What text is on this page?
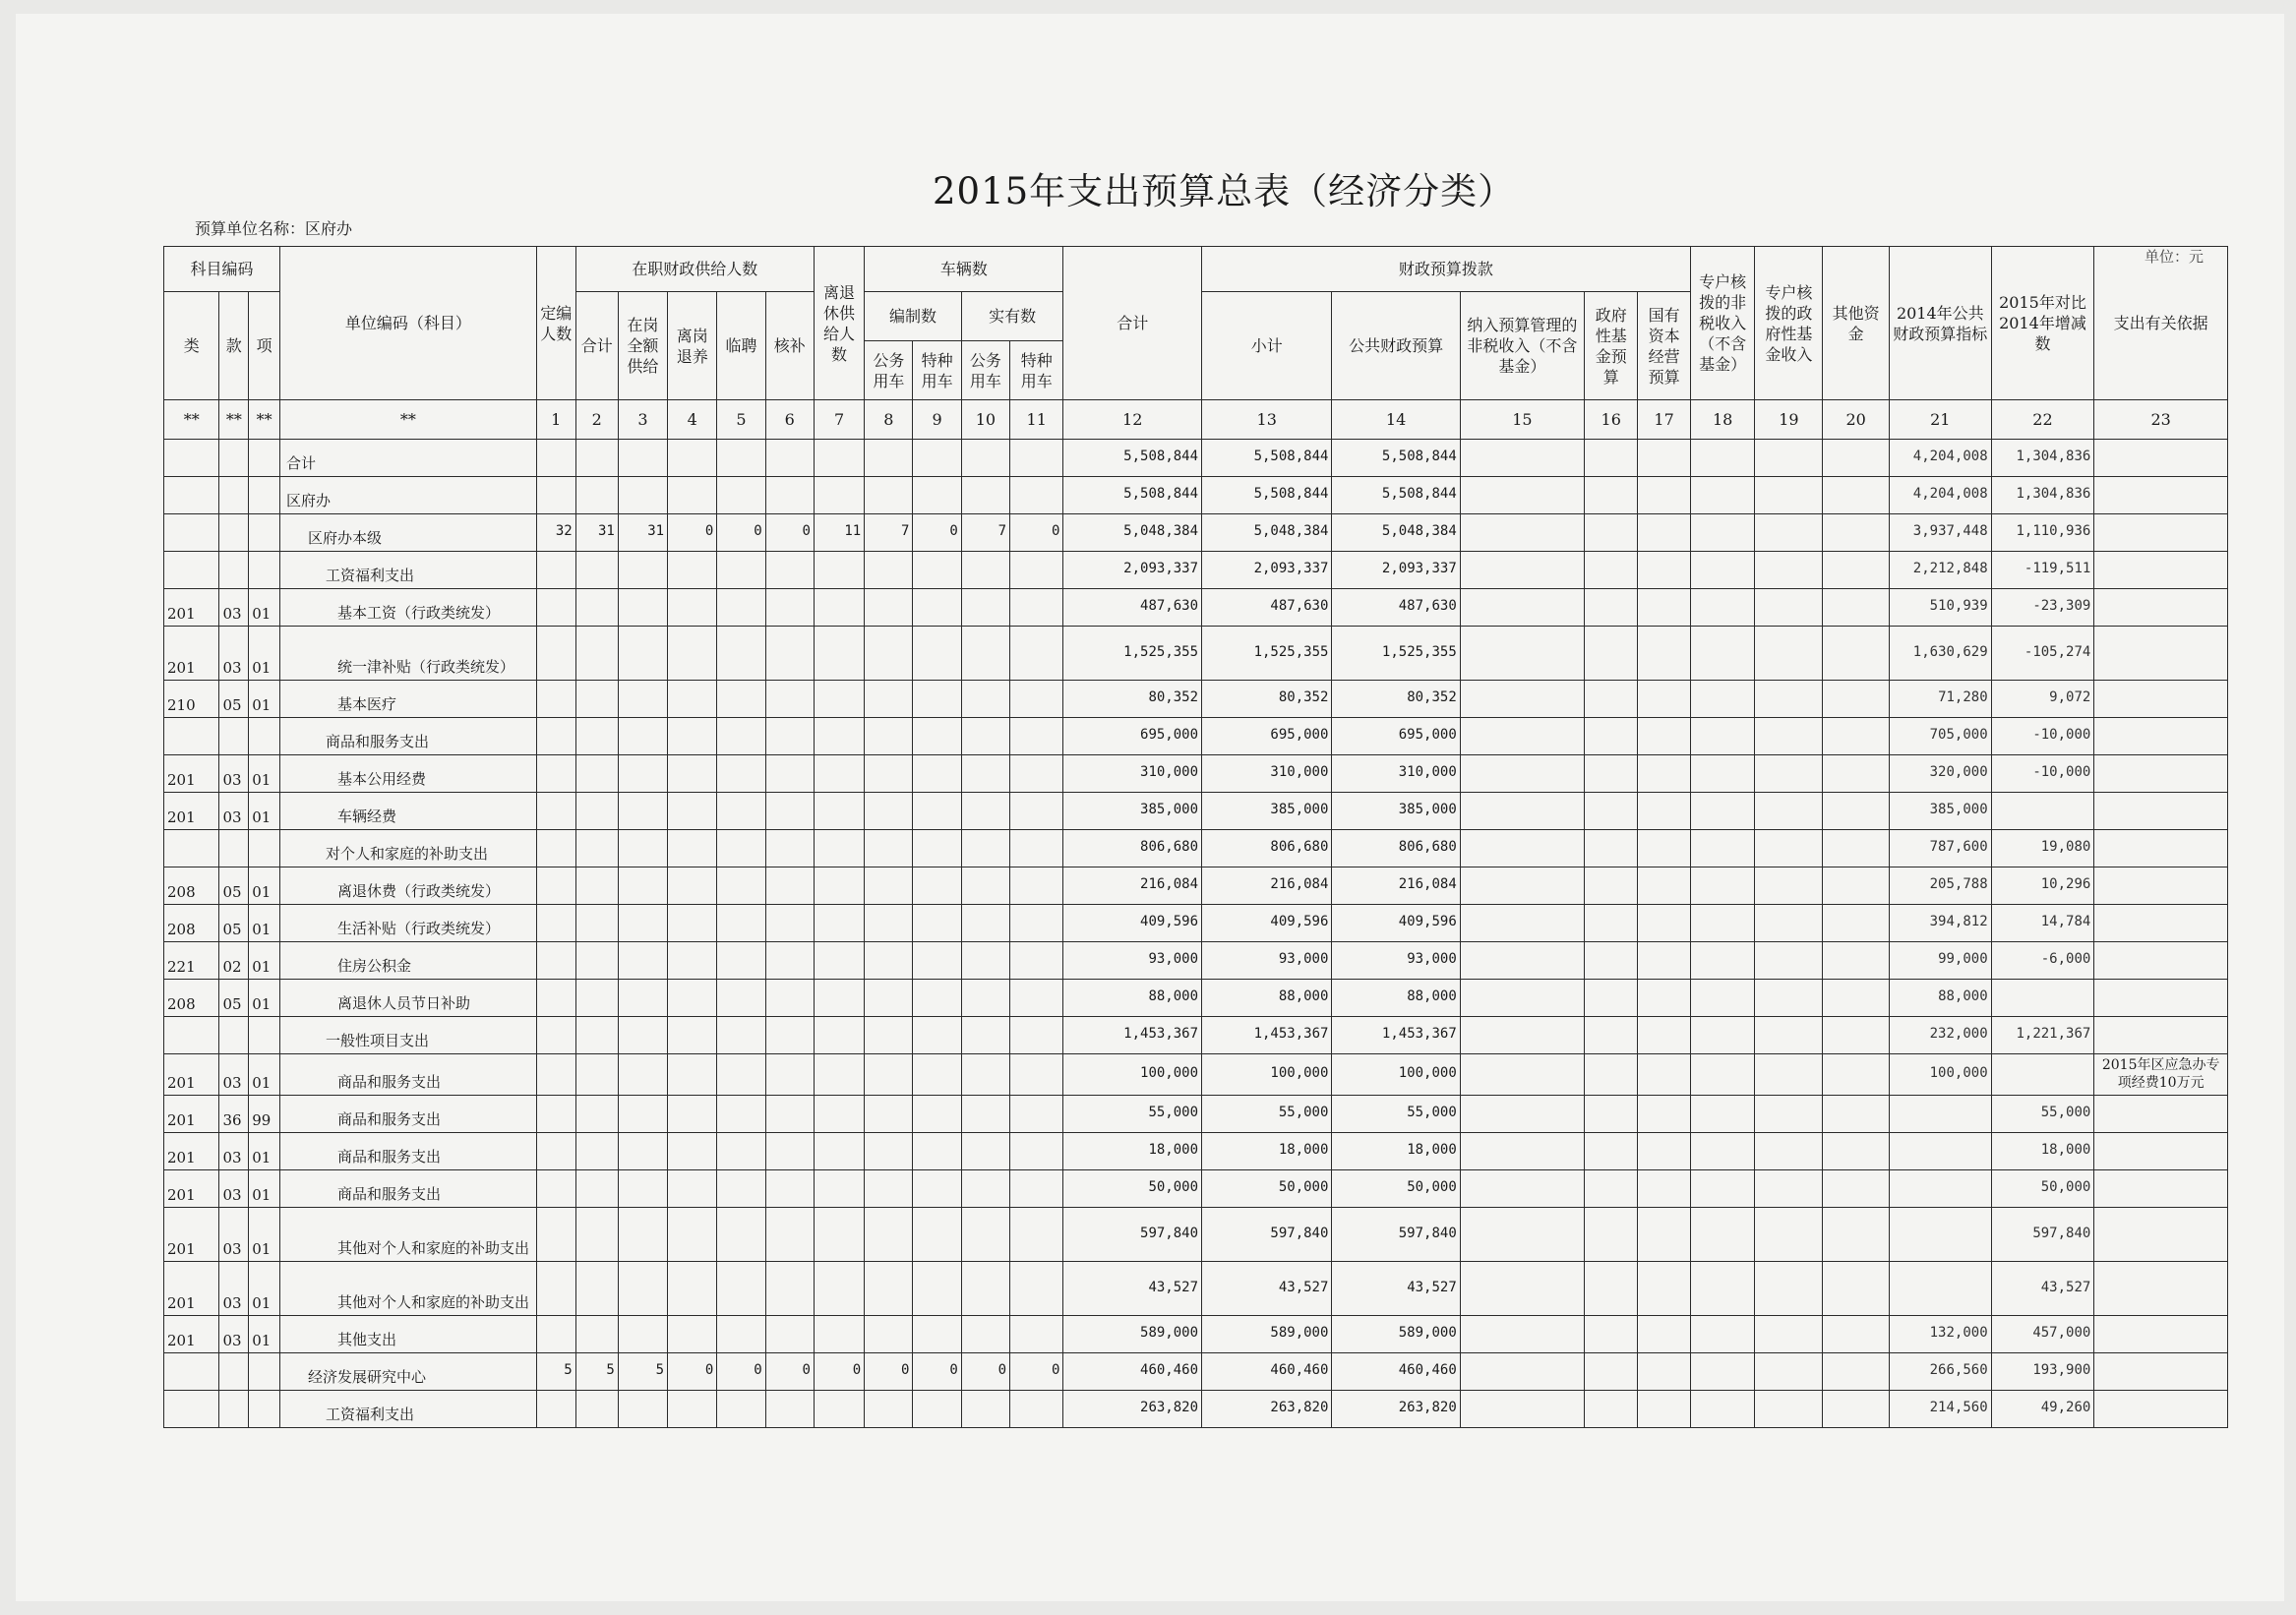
2015年支出预算总表（经济分类）
预算单位名称：区府办
单位：元
科目编码			单位编码（科目）	定编人数	在职财政供给人数					离退休供给人数	车辆数				合计	财政预算拨款					专户核拨的非税收入（不含基金）	专户核拨的政府性基金收入	其他资金	2014年公共财政预算指标	2015年对比2014年增减数	支出有关依据
类	款	项			合计	在岗全额供给	离岗退养	临聘	核补		编制数		实有数			小计	公共财政预算	纳入预算管理的非税收入（不含基金）	政府性基金预算	国有资本经营预算						
											公务用车	特种用车	公务用车	特种用车												
**	**	**	**	1	2	3	4	5	6	7	8	9	10	11	12	13	14	15	16	17	18	19	20	21	22	23
			合计												5,508,844	5,508,844	5,508,844							4,204,008	1,304,836	
			区府办												5,508,844	5,508,844	5,508,844							4,204,008	1,304,836	
			区府办本级	32	31	31	0	0	0	11	7	0	7	0	5,048,384	5,048,384	5,048,384							3,937,448	1,110,936	
			工资福利支出												2,093,337	2,093,337	2,093,337							2,212,848	-119,511	
201	03	01	基本工资（行政类统发）												487,630	487,630	487,630							510,939	-23,309	
201	03	01	统一津补贴（行政类统发）												1,525,355	1,525,355	1,525,355							1,630,629	-105,274	
210	05	01	基本医疗												80,352	80,352	80,352							71,280	9,072	
			商品和服务支出												695,000	695,000	695,000							705,000	-10,000	
201	03	01	基本公用经费												310,000	310,000	310,000							320,000	-10,000	
201	03	01	车辆经费												385,000	385,000	385,000							385,000		
			对个人和家庭的补助支出												806,680	806,680	806,680							787,600	19,080	
208	05	01	离退休费（行政类统发）												216,084	216,084	216,084							205,788	10,296	
208	05	01	生活补贴（行政类统发）												409,596	409,596	409,596							394,812	14,784	
221	02	01	住房公积金												93,000	93,000	93,000							99,000	-6,000	
208	05	01	离退休人员节日补助												88,000	88,000	88,000							88,000		
			一般性项目支出												1,453,367	1,453,367	1,453,367							232,000	1,221,367	
201	03	01	商品和服务支出												100,000	100,000	100,000							100,000		2015年区应急办专项经费10万元
201	36	99	商品和服务支出												55,000	55,000	55,000								55,000	
201	03	01	商品和服务支出												18,000	18,000	18,000								18,000	
201	03	01	商品和服务支出												50,000	50,000	50,000								50,000	
201	03	01	其他对个人和家庭的补助支出												597,840	597,840	597,840								597,840	
201	03	01	其他对个人和家庭的补助支出												43,527	43,527	43,527								43,527	
201	03	01	其他支出												589,000	589,000	589,000							132,000	457,000	
			经济发展研究中心	5	5	5	0	0	0	0	0	0	0	0	460,460	460,460	460,460							266,560	193,900	
			工资福利支出												263,820	263,820	263,820							214,560	49,260	
